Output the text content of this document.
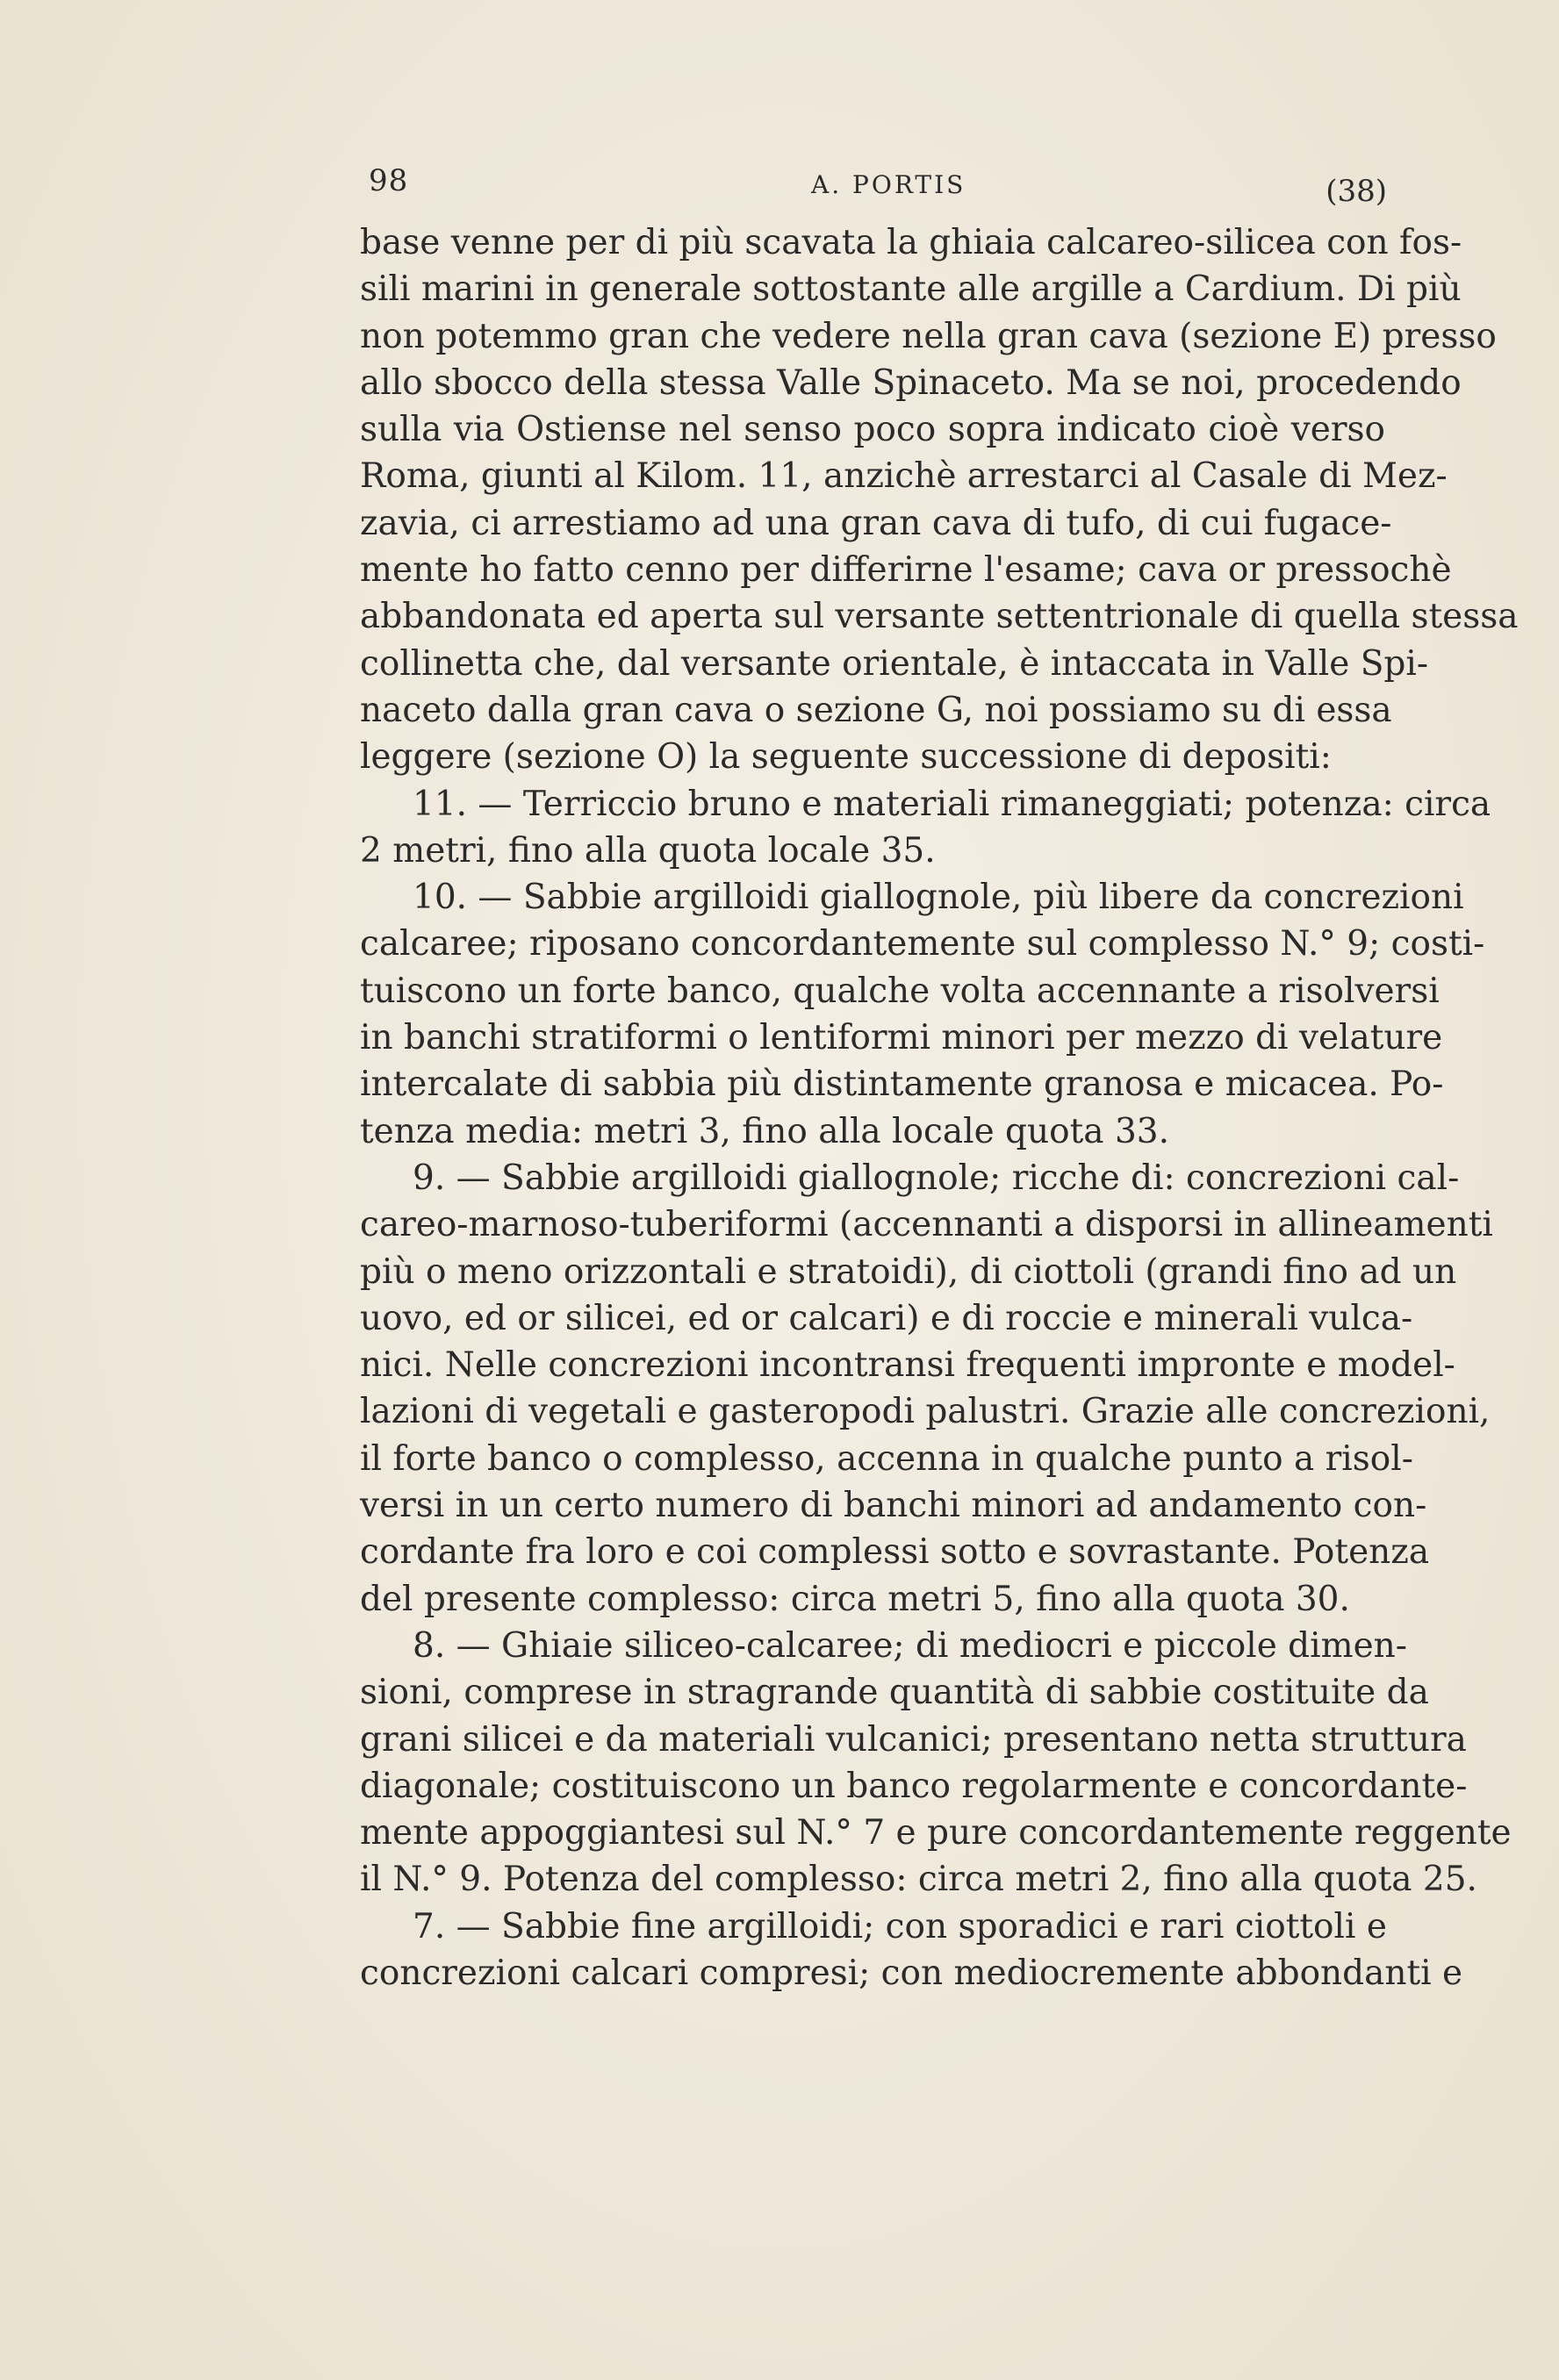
98	A. PORTIS	(38)
base venne per di più scavata la ghiaia calcareo-silicea con fos-
sili marini in generale sottostante alle argille a Cardium. Di più
non potemmo gran che vedere nella gran cava (sezione E) presso
allo sbocco della stessa Valle Spinaceto. Ma se noi, procedendo
sulla via Ostiense nel senso poco sopra indicato cioè verso
Roma, giunti al Kilom. 11, anzichè arrestarci al Casale di Mez-
zavia, ci arrestiamo ad una gran cava di tufo, di cui fugace-
mente ho fatto cenno per differirne l'esame; cava or pressochè
abbandonata ed aperta sul versante settentrionale di quella stessa
collinetta che, dal versante orientale, è intaccata in Valle Spi-
naceto dalla gran cava o sezione G, noi possiamo su di essa
leggere (sezione O) la seguente successione di depositi:
11. — Terriccio bruno e materiali rimaneggiati; potenza: circa
2 metri, fino alla quota locale 35.
10. — Sabbie argilloidi giallognole, più libere da concrezioni
calcaree; riposano concordantemente sul complesso N.° 9; costi-
tuiscono un forte banco, qualche volta accennante a risolversi
in banchi stratiformi o lentiformi minori per mezzo di velature
intercalate di sabbia più distintamente granosa e micacea. Po-
tenza media: metri 3, fino alla locale quota 33.
9. — Sabbie argilloidi giallognole; ricche di: concrezioni cal-
careo-marnoso-tuberiformi (accennanti a disporsi in allineamenti
più o meno orizzontali e stratoidi), di ciottoli (grandi fino ad un
uovo, ed or silicei, ed or calcari) e di roccie e minerali vulca-
nici. Nelle concrezioni incontransi frequenti impronte e model-
lazioni di vegetali e gasteropodi palustri. Grazie alle concrezioni,
il forte banco o complesso, accenna in qualche punto a risol-
versi in un certo numero di banchi minori ad andamento con-
cordante fra loro e coi complessi sotto e sovrastante. Potenza
del presente complesso: circa metri 5, fino alla quota 30.
8. — Ghiaie siliceo-calcaree; di mediocri e piccole dimen-
sioni, comprese in stragrande quantità di sabbie costituite da
grani silicei e da materiali vulcanici; presentano netta struttura
diagonale; costituiscono un banco regolarmente e concordante-
mente appoggiantesi sul N.° 7 e pure concordantemente reggente
il N.° 9. Potenza del complesso: circa metri 2, fino alla quota 25.
7. — Sabbie fine argilloidi; con sporadici e rari ciottoli e
concrezioni calcari compresi; con mediocremente abbondanti e
